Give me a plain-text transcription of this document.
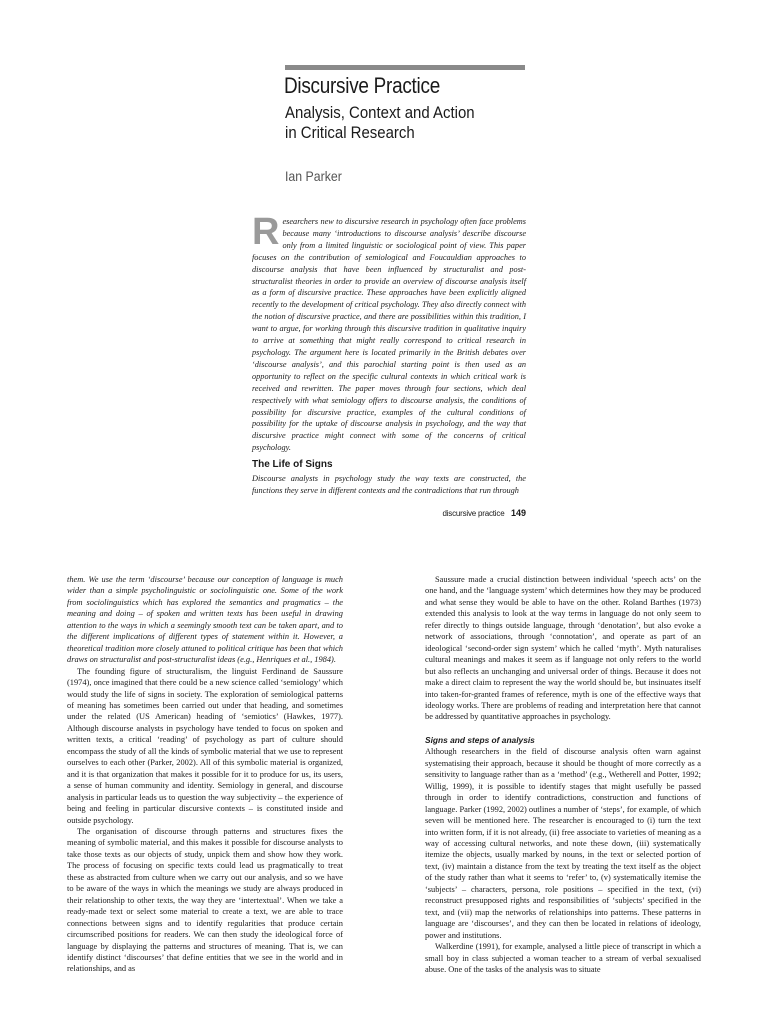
Discursive Practice
Analysis, Context and Action
in Critical Research
Ian Parker
R esearchers new to discursive research in psychology often face problems because many ‘introductions to discourse analysis’ describe discourse only from a limited linguistic or sociological point of view. This paper focuses on the contribution of semiological and Foucauldian approaches to discourse analysis that have been influenced by structuralist and post-structuralist theories in order to provide an overview of discourse analysis itself as a form of discursive practice. These approaches have been explicitly aligned recently to the development of critical psychology. They also directly connect with the notion of discursive practice, and there are possibilities within this tradition, I want to argue, for working through this discursive tradition in qualitative inquiry to arrive at something that might really correspond to critical research in psychology. The argument here is located primarily in the British debates over ‘discourse analysis’, and this parochial starting point is then used as an opportunity to reflect on the specific cultural contexts in which critical work is received and rewritten. The paper moves through four sections, which deal respectively with what semiology offers to discourse analysis, the conditions of possibility for discursive practice, examples of the cultural conditions of possibility for the uptake of discourse analysis in psychology, and the way that discursive practice might connect with some of the concerns of critical psychology.
The Life of Signs
Discourse analysts in psychology study the way texts are constructed, the functions they serve in different contexts and the contradictions that run through
discursive practice 149

them. We use the term ‘discourse’ because our conception of language is much wider than a simple psycholinguistic or sociolinguistic one. Some of the work from sociolinguistics which has explored the semantics and pragmatics – the meaning and doing – of spoken and written texts has been useful in drawing attention to the ways in which a seemingly smooth text can be taken apart, and to the different implications of different types of statement within it. However, a theoretical tradition more closely attuned to political critique has been that which draws on structuralist and post-structuralist ideas (e.g., Henriques et al., 1984).

The founding figure of structuralism, the linguist Ferdinand de Saussure (1974), once imagined that there could be a new science called ‘semiology’ which would study the life of signs in society. The exploration of semiological patterns of meaning has sometimes been carried out under that heading, and sometimes under the related (US American) heading of ‘semiotics’ (Hawkes, 1977). Although discourse analysts in psychology have tended to focus on spoken and written texts, a critical ‘reading’ of psychology as part of culture should encompass the study of all the kinds of symbolic material that we use to represent ourselves to each other (Parker, 2002). All of this symbolic material is organized, and it is that organization that makes it possible for it to produce for us, its users, a sense of human community and identity. Semiology in general, and discourse analysis in particular leads us to question the way subjectivity – the experience of being and feeling in particular discursive contexts – is constituted inside and outside psychology.

The organisation of discourse through patterns and structures fixes the meaning of symbolic material, and this makes it possible for discourse analysts to take those texts as our objects of study, unpick them and show how they work. The process of focusing on specific texts could lead us pragmatically to treat these as abstracted from culture when we carry out our analysis, and so we have to be aware of the ways in which the meanings we study are always produced in their relationship to other texts, the way they are ‘intertextual’. When we take a ready-made text or select some material to create a text, we are able to trace connections between signs and to identify regularities that produce certain circumscribed positions for readers. We can then study the ideological force of language by displaying the patterns and structures of meaning. That is, we can identify distinct ‘discourses’ that define entities that we see in the world and in relationships, and as

Saussure made a crucial distinction between individual ‘speech acts’ on the one hand, and the ‘language system’ which determines how they may be produced and what sense they would be able to have on the other. Roland Barthes (1973) extended this analysis to look at the way terms in language do not only seem to refer directly to things outside language, through ‘denotation’, but also evoke a network of associations, through ‘connotation’, and operate as part of an ideological ‘second-order sign system’ which he called ‘myth’. Myth naturalises cultural meanings and makes it seem as if language not only refers to the world but also reflects an unchanging and universal order of things. Because it does not make a direct claim to represent the way the world should be, but insinuates itself into taken-for-granted frames of reference, myth is one of the effective ways that ideology works. There are problems of reading and interpretation here that cannot be addressed by quantitative approaches in psychology.

Signs and steps of analysis

Although researchers in the field of discourse analysis often warn against systematising their approach, because it should be thought of more correctly as a sensitivity to language rather than as a ‘method’ (e.g., Wetherell and Potter, 1992; Willig, 1999), it is possible to identify stages that might usefully be passed through in order to identify contradictions, construction and functions of language. Parker (1992, 2002) outlines a number of ‘steps’, for example, of which seven will be mentioned here. The researcher is encouraged to (i) turn the text into written form, if it is not already, (ii) free associate to varieties of meaning as a way of accessing cultural networks, and note these down, (iii) systematically itemize the objects, usually marked by nouns, in the text or selected portion of text, (iv) maintain a distance from the text by treating the text itself as the object of the study rather than what it seems to ‘refer’ to, (v) systematically itemise the ‘subjects’ – characters, persona, role positions – specified in the text, (vi) reconstruct presupposed rights and responsibilities of ‘subjects’ specified in the text, and (vii) map the networks of relationships into patterns. These patterns in language are ‘discourses’, and they can then be located in relations of ideology, power and institutions.

Walkerdine (1991), for example, analysed a little piece of transcript in which a small boy in class subjected a woman teacher to a stream of verbal sexualised abuse. One of the tasks of the analysis was to situate
